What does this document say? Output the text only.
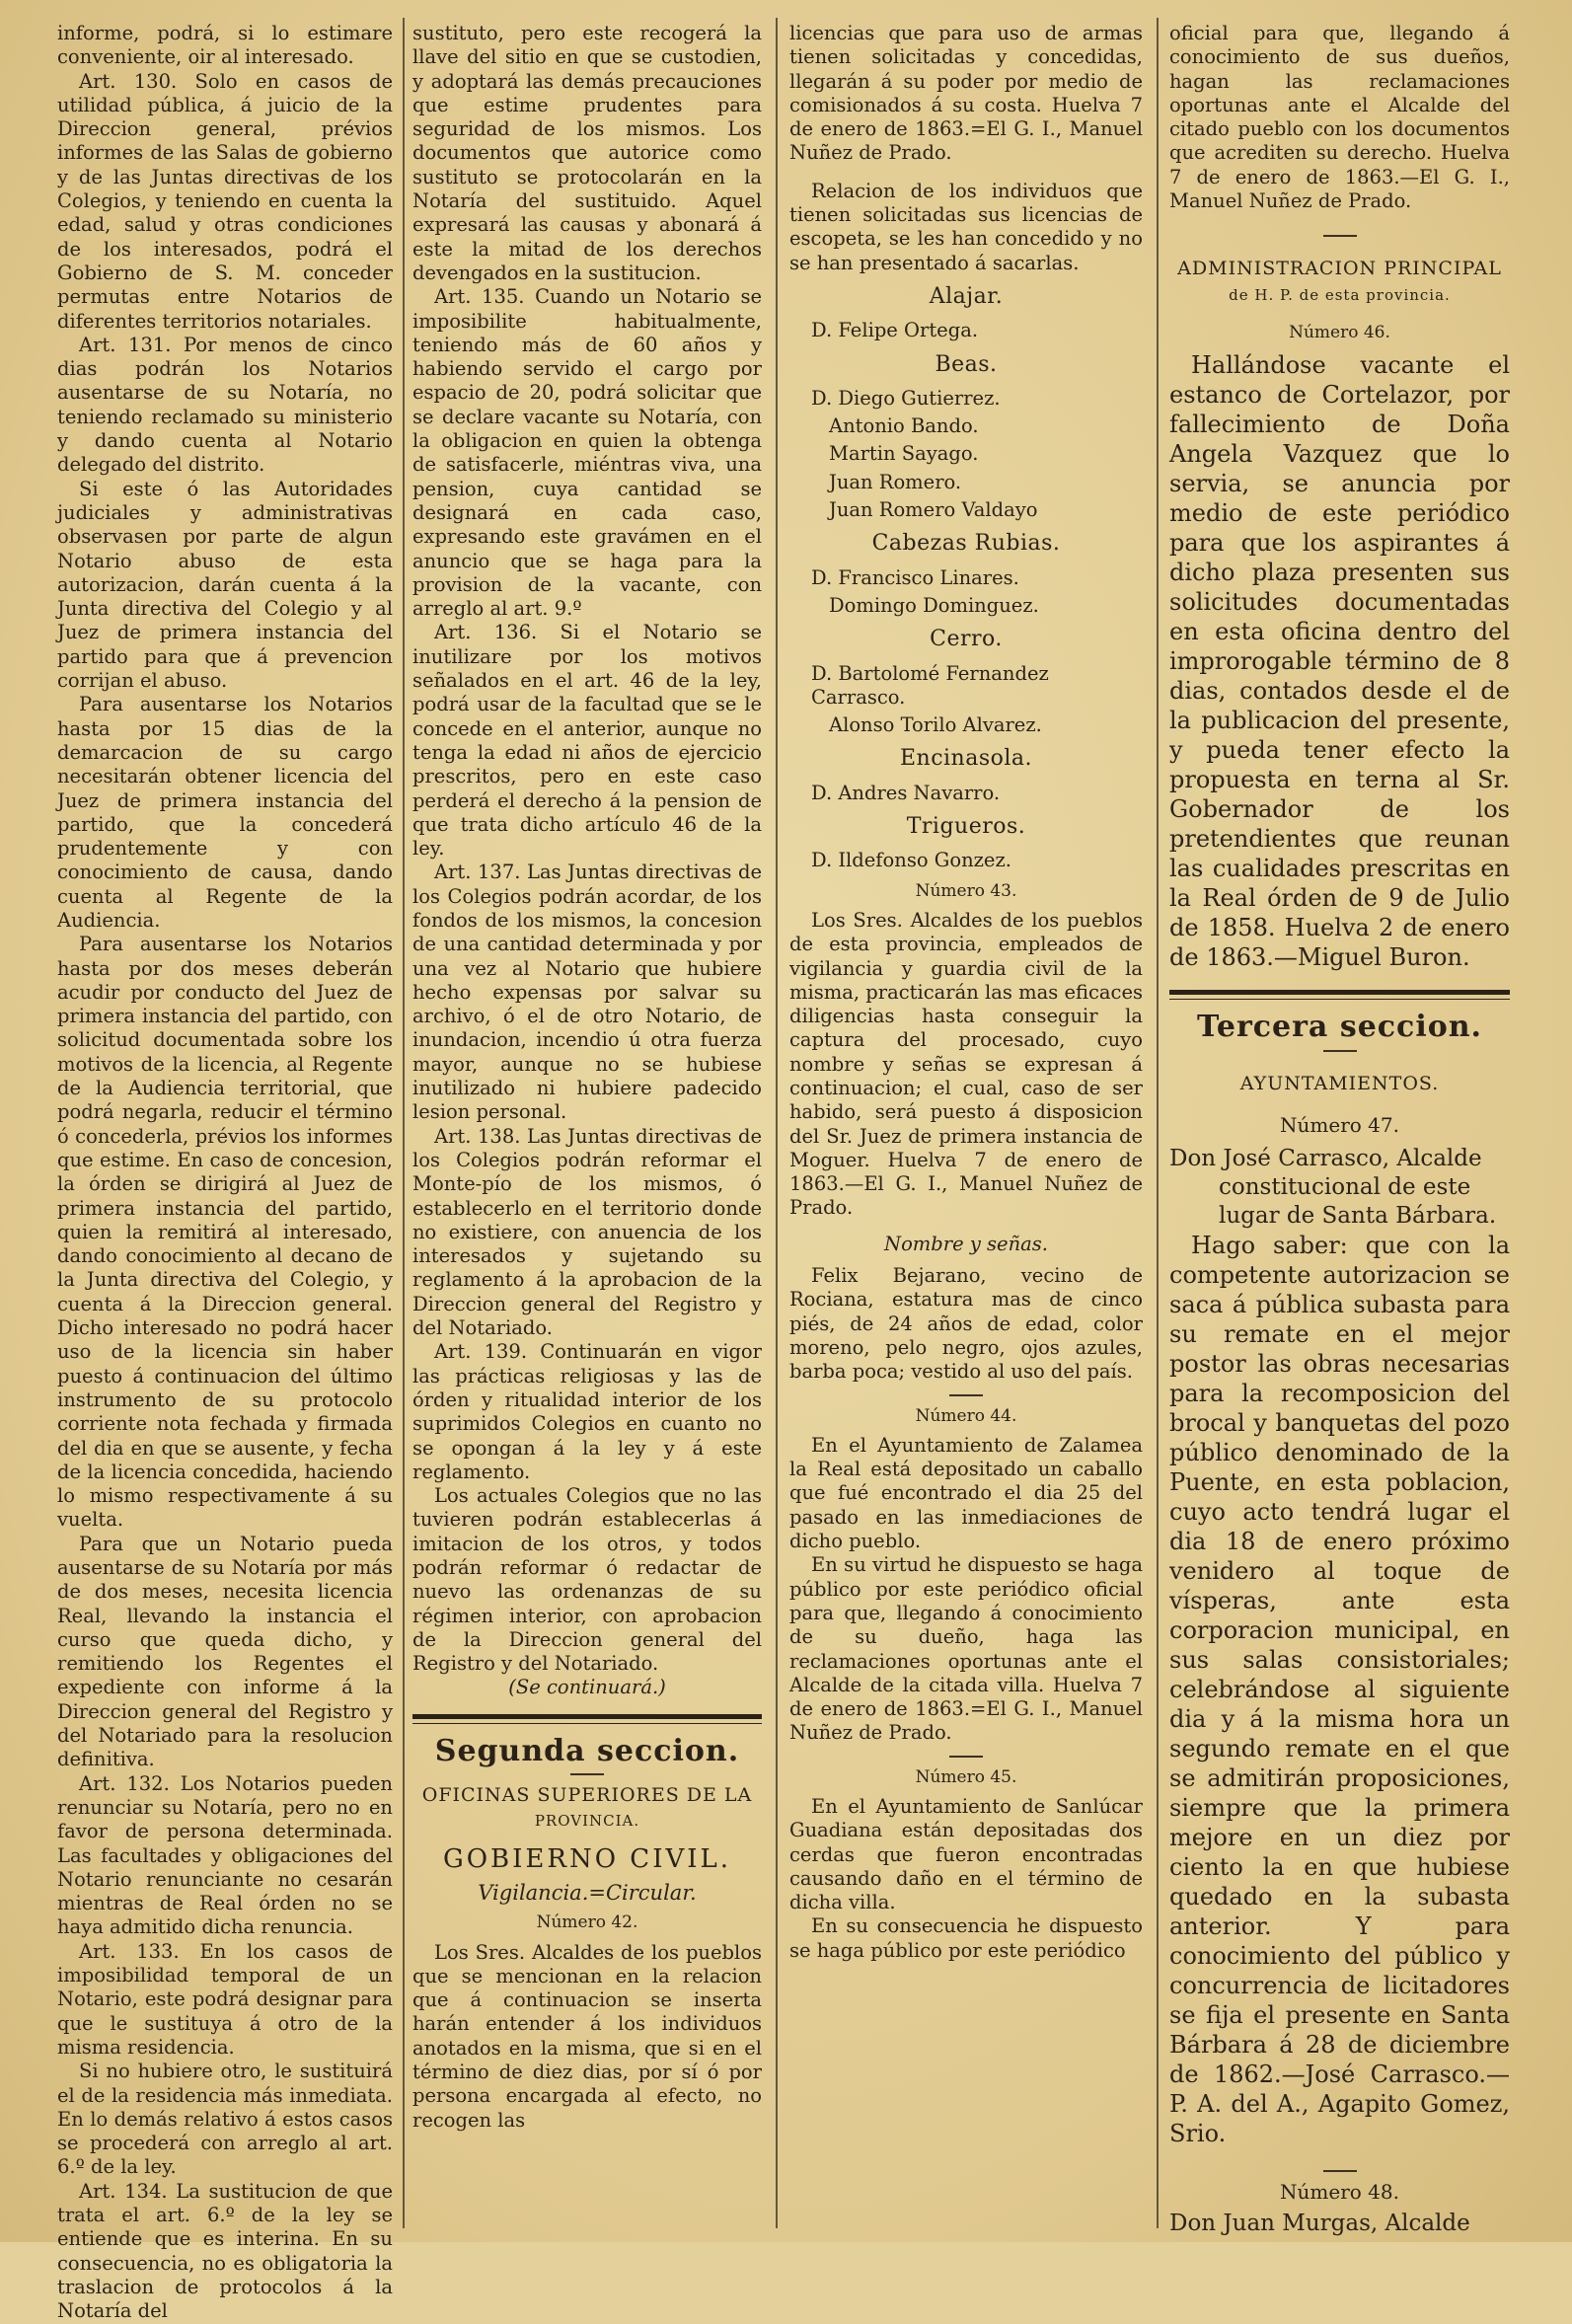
informe, podrá, si lo estimare conveniente, oir al interesado.

Art. 130. Solo en casos de utilidad pública, á juicio de la Direccion general, prévios informes de las Salas de gobierno y de las Juntas directivas de los Colegios, y teniendo en cuenta la edad, salud y otras condiciones de los interesados, podrá el Gobierno de S. M. conceder permutas entre Notarios de diferentes territorios notariales.

Art. 131. Por menos de cinco dias podrán los Notarios ausentarse de su Notaría, no teniendo reclamado su ministerio y dando cuenta al Notario delegado del distrito.

Si este ó las Autoridades judiciales y administrativas observasen por parte de algun Notario abuso de esta autorizacion, darán cuenta á la Junta directiva del Colegio y al Juez de primera instancia del partido para que á prevencion corrijan el abuso.

Para ausentarse los Notarios hasta por 15 dias de la demarcacion de su cargo necesitarán obtener licencia del Juez de primera instancia del partido, que la concederá prudentemente y con conocimiento de causa, dando cuenta al Regente de la Audiencia.

Para ausentarse los Notarios hasta por dos meses deberán acudir por conducto del Juez de primera instancia del partido, con solicitud documentada sobre los motivos de la licencia, al Regente de la Audiencia territorial, que podrá negarla, reducir el término ó concederla, prévios los informes que estime. En caso de concesion, la órden se dirigirá al Juez de primera instancia del partido, quien la remitirá al interesado, dando conocimiento al decano de la Junta directiva del Colegio, y cuenta á la Direccion general. Dicho interesado no podrá hacer uso de la licencia sin haber puesto á continuacion del último instrumento de su protocolo corriente nota fechada y firmada del dia en que se ausente, y fecha de la licencia concedida, haciendo lo mismo respectivamente á su vuelta.

Para que un Notario pueda ausentarse de su Notaría por más de dos meses, necesita licencia Real, llevando la instancia el curso que queda dicho, y remitiendo los Regentes el expediente con informe á la Direccion general del Registro y del Notariado para la resolucion definitiva.

Art. 132. Los Notarios pueden renunciar su Notaría, pero no en favor de persona determinada. Las facultades y obligaciones del Notario renunciante no cesarán mientras de Real órden no se haya admitido dicha renuncia.

Art. 133. En los casos de imposibilidad temporal de un Notario, este podrá designar para que le sustituya á otro de la misma residencia.

Si no hubiere otro, le sustituirá el de la residencia más inmediata. En lo demás relativo á estos casos se procederá con arreglo al art. 6.º de la ley.

Art. 134. La sustitucion de que trata el art. 6.º de la ley se entiende que es interina. En su consecuencia, no es obligatoria la traslacion de protocolos á la Notaría del

sustituto, pero este recogerá la llave del sitio en que se custodien, y adoptará las demás precauciones que estime prudentes para seguridad de los mismos. Los documentos que autorice como sustituto se protocolarán en la Notaría del sustituido. Aquel expresará las causas y abonará á este la mitad de los derechos devengados en la sustitucion.

Art. 135. Cuando un Notario se imposibilite habitualmente, teniendo más de 60 años y habiendo servido el cargo por espacio de 20, podrá solicitar que se declare vacante su Notaría, con la obligacion en quien la obtenga de satisfacerle, miéntras viva, una pension, cuya cantidad se designará en cada caso, expresando este gravámen en el anuncio que se haga para la provision de la vacante, con arreglo al art. 9.º

Art. 136. Si el Notario se inutilizare por los motivos señalados en el art. 46 de la ley, podrá usar de la facultad que se le concede en el anterior, aunque no tenga la edad ni años de ejercicio prescritos, pero en este caso perderá el derecho á la pension de que trata dicho artículo 46 de la ley.

Art. 137. Las Juntas directivas de los Colegios podrán acordar, de los fondos de los mismos, la concesion de una cantidad determinada y por una vez al Notario que hubiere hecho expensas por salvar su archivo, ó el de otro Notario, de inundacion, incendio ú otra fuerza mayor, aunque no se hubiese inutilizado ni hubiere padecido lesion personal.

Art. 138. Las Juntas directivas de los Colegios podrán reformar el Monte-pío de los mismos, ó establecerlo en el territorio donde no existiere, con anuencia de los interesados y sujetando su reglamento á la aprobacion de la Direccion general del Registro y del Notariado.

Art. 139. Continuarán en vigor las prácticas religiosas y las de órden y ritualidad interior de los suprimidos Colegios en cuanto no se opongan á la ley y á este reglamento.

Los actuales Colegios que no las tuvieren podrán establecerlas á imitacion de los otros, y todos podrán reformar ó redactar de nuevo las ordenanzas de su régimen interior, con aprobacion de la Direccion general del Registro y del Notariado.

(Se continuará.)

Segunda seccion.
OFICINAS SUPERIORES DE LA
PROVINCIA.
GOBIERNO CIVIL.

Vigilancia.=Circular.

Número 42.

Los Sres. Alcaldes de los pueblos que se mencionan en la relacion que á continuacion se inserta harán entender á los individuos anotados en la misma, que si en el término de diez dias, por sí ó por persona encargada al efecto, no recogen las

licencias que para uso de armas tienen solicitadas y concedidas, llegarán á su poder por medio de comisionados á su costa. Huelva 7 de enero de 1863.=El G. I., Manuel Nuñez de Prado.

Relacion de los individuos que tienen solicitadas sus licencias de escopeta, se les han concedido y no se han presentado á sacarlas.

Alajar.

D. Felipe Ortega.

Beas.

D. Diego Gutierrez.

Antonio Bando.

Martin Sayago.

Juan Romero.

Juan Romero Valdayo

Cabezas Rubias.

D. Francisco Linares.

Domingo Dominguez.

Cerro.

D. Bartolomé Fernandez Carrasco.

Alonso Torilo Alvarez.

Encinasola.

D. Andres Navarro.

Trigueros.

D. Ildefonso Gonzez.

Número 43.

Los Sres. Alcaldes de los pueblos de esta provincia, empleados de vigilancia y guardia civil de la misma, practicarán las mas eficaces diligencias hasta conseguir la captura del procesado, cuyo nombre y señas se expresan á continuacion; el cual, caso de ser habido, será puesto á disposicion del Sr. Juez de primera instancia de Moguer. Huelva 7 de enero de 1863.—El G. I., Manuel Nuñez de Prado.

Nombre y señas.

Felix Bejarano, vecino de Rociana, estatura mas de cinco piés, de 24 años de edad, color moreno, pelo negro, ojos azules, barba poca; vestido al uso del país.

Número 44.

En el Ayuntamiento de Zalamea la Real está depositado un caballo que fué encontrado el dia 25 del pasado en las inmediaciones de dicho pueblo.

En su virtud he dispuesto se haga público por este periódico oficial para que, llegando á conocimiento de su dueño, haga las reclamaciones oportunas ante el Alcalde de la citada villa. Huelva 7 de enero de 1863.=El G. I., Manuel Nuñez de Prado.

Número 45.

En el Ayuntamiento de Sanlúcar Guadiana están depositadas dos cerdas que fueron encontradas causando daño en el término de dicha villa.

En su consecuencia he dispuesto se haga público por este periódico

oficial para que, llegando á conocimiento de sus dueños, hagan las reclamaciones oportunas ante el Alcalde del citado pueblo con los documentos que acrediten su derecho. Huelva 7 de enero de 1863.—El G. I., Manuel Nuñez de Prado.

ADMINISTRACION PRINCIPAL
de H. P. de esta provincia.
Número 46.

Hallándose vacante el estanco de Cortelazor, por fallecimiento de Doña Angela Vazquez que lo servia, se anuncia por medio de este periódico para que los aspirantes á dicho plaza presenten sus solicitudes documentadas en esta oficina dentro del improrogable término de 8 dias, contados desde el de la publicacion del presente, y pueda tener efecto la propuesta en terna al Sr. Gobernador de los pretendientes que reunan las cualidades prescritas en la Real órden de 9 de Julio de 1858. Huelva 2 de enero de 1863.—Miguel Buron.

Tercera seccion.
AYUNTAMIENTOS.
Número 47.

Don José Carrasco, Alcalde
constitucional de este lugar de Santa Bárbara.

Hago saber: que con la competente autorizacion se saca á pública subasta para su remate en el mejor postor las obras necesarias para la recomposicion del brocal y banquetas del pozo público denominado de la Puente, en esta poblacion, cuyo acto tendrá lugar el dia 18 de enero próximo venidero al toque de vísperas, ante esta corporacion municipal, en sus salas consistoriales; celebrándose al siguiente dia y á la misma hora un segundo remate en el que se admitirán proposiciones, siempre que la primera mejore en un diez por ciento la en que hubiese quedado en la subasta anterior. Y para conocimiento del público y concurrencia de licitadores se fija el presente en Santa Bárbara á 28 de diciembre de 1862.—José Carrasco.—P. A. del A., Agapito Gomez, Srio.

Número 48.

Don Juan Murgas, Alcalde
